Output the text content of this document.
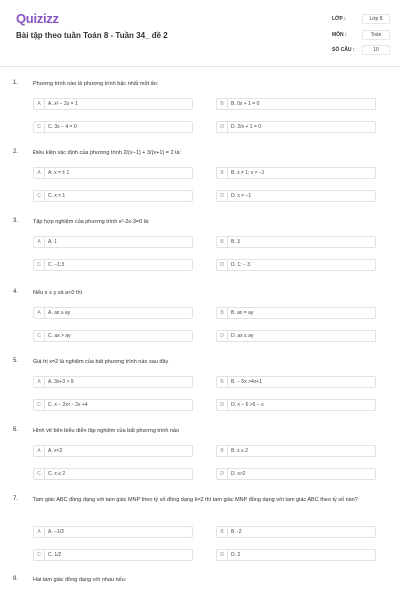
Quizizz
Bài tập theo tuần Toán 8 - Tuần 34_ đề 2
LỚP :	Lớp 8
MÔN :	Toán
SỐ CÂU :	10
1.	Phương trình nào là phương trình bậc nhất một ẩn:
A	A. x² − 2x = 1	B	B. 0x + 1 = 0
C	C. 3x − 4 = 0	D	D. 2/x + 1 = 0
2.	Điều kiện xác định của phương trình 2/(x−1) + 3/(x+1) = 2 là:
A	A. x = ± 1	B	B. x ≠ 1; x ≠ −1
C	C. x ≠ 1	D	D. x ≠ −1
3.	Tập hợp nghiệm của phương trình x²-2x-3=0 là:
A	A. 1	B	B. 3
C	C. −1;3	D	D. 1; − 3
4.	Nếu x ≤ y và a<0 thì
A	A. ax ≥ ay	B	B. ax = ay
C	C. ax > ay	D	D. ax ≤ ay
5.	Giá trị x=2 là nghiệm của bất phương trình nào sau đây
A	A. 3x+3 > 9	B	B. − 5x >4x+1
C	C. x − 2x< - 2x +4	D	D. x − 6 >5 − x
6.	Hình vẽ bên biểu diễn tập nghiệm của bất phương trình nào
A	A. x<2	B	B. x ≥ 2
C	C. x ≤ 2	D	D. x>2
7.	Tam giác ABC đồng dạng với tam giác MNP theo tỷ số đồng dạng k=2 thì tam giác MNP đồng dạng với tam giác ABC theo tỷ số nào?
A	A. −1/2	B	B. -2
C	C. 1/2	D	D. 2
8.	Hai tam giác đồng dạng với nhau nếu:
